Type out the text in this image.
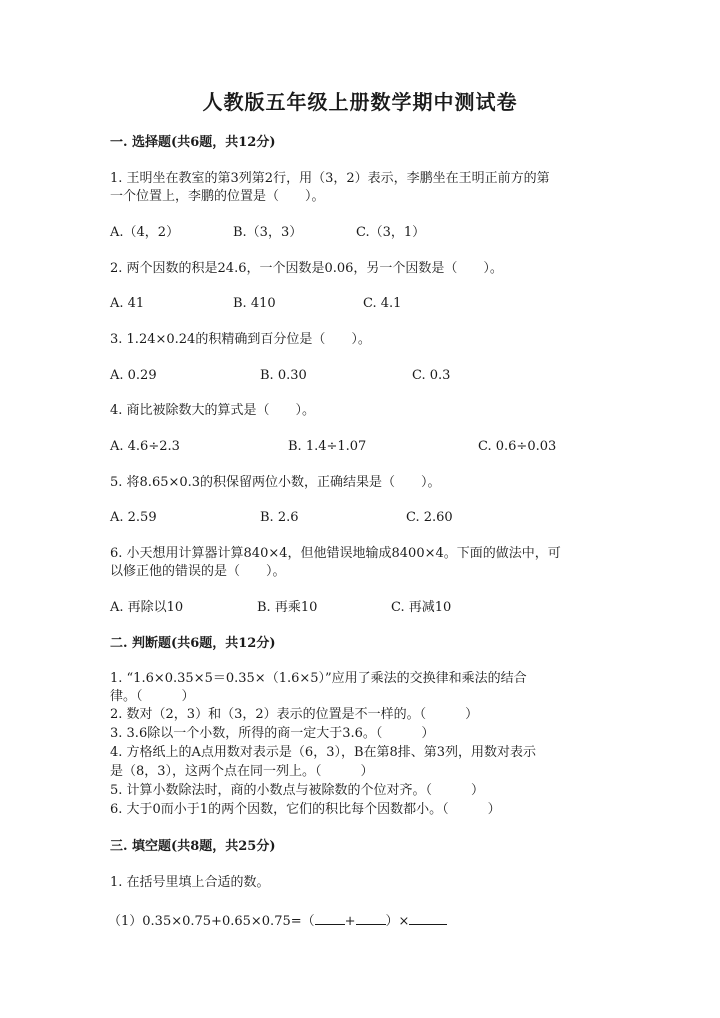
人教版五年级上册数学期中测试卷
一. 选择题(共6题，共12分)
1. 王明坐在教室的第3列第2行，用（3，2）表示，李鹏坐在王明正前方的第
一个位置上，李鹏的位置是（　　）。
A.（4，2）	B.（3，3）	C.（3，1）
2. 两个因数的积是24.6，一个因数是0.06，另一个因数是（　　）。
A. 41	B. 410	C. 4.1
3. 1.24×0.24的积精确到百分位是（　　）。
A. 0.29	B. 0.30	C. 0.3
4. 商比被除数大的算式是（　　）。
A. 4.6÷2.3	B. 1.4÷1.07	C. 0.6÷0.03
5. 将8.65×0.3的积保留两位小数，正确结果是（　　）。
A. 2.59	B. 2.6	C. 2.60
6. 小天想用计算器计算840×4，但他错误地输成8400×4。下面的做法中，可
以修正他的错误的是（　　）。
A. 再除以10	B. 再乘10	C. 再减10
二. 判断题(共6题，共12分)
1. “1.6×0.35×5＝0.35×（1.6×5）”应用了乘法的交换律和乘法的结合
律。（　　　）
2. 数对（2，3）和（3，2）表示的位置是不一样的。（　　　）
3. 3.6除以一个小数，所得的商一定大于3.6。（　　　）
4. 方格纸上的A点用数对表示是（6，3），B在第8排、第3列，用数对表示
是（8，3），这两个点在同一列上。（　　　）
5. 计算小数除法时，商的小数点与被除数的个位对齐。（　　　）
6. 大于0而小于1的两个因数，它们的积比每个因数都小。（　　　）
三. 填空题(共8题，共25分)
1. 在括号里填上合适的数。
（1）0.35×0.75+0.65×0.75=（ + ）×
